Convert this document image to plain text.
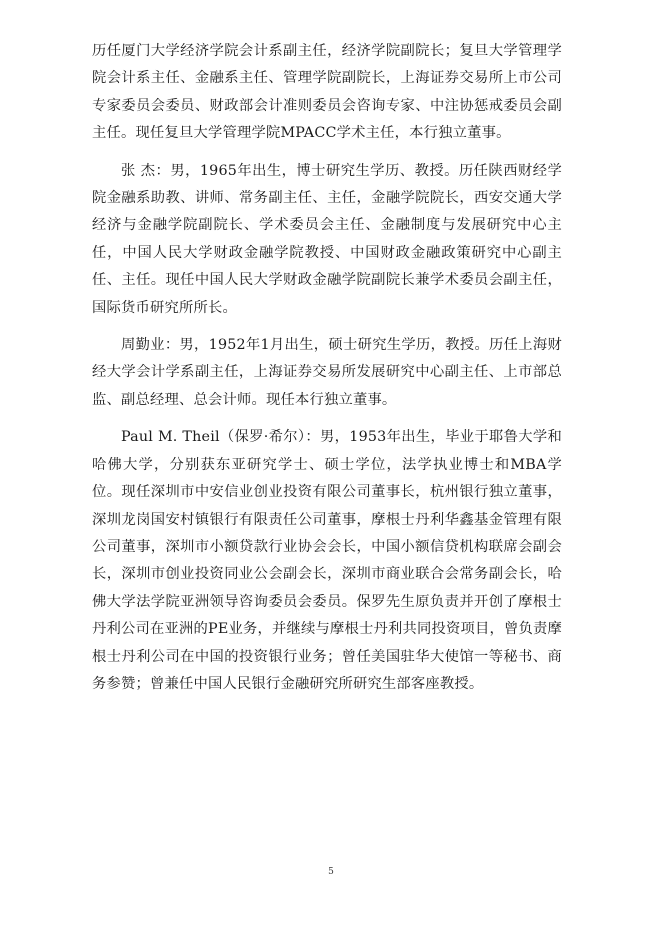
历任厦门大学经济学院会计系副主任，经济学院副院长；复旦大学管理学院会计系主任、金融系主任、管理学院副院长，上海证券交易所上市公司专家委员会委员、财政部会计准则委员会咨询专家、中注协惩戒委员会副主任。现任复旦大学管理学院MPACC学术主任，本行独立董事。

张 杰：男，1965年出生，博士研究生学历、教授。历任陕西财经学院金融系助教、讲师、常务副主任、主任，金融学院院长，西安交通大学经济与金融学院副院长、学术委员会主任、金融制度与发展研究中心主任，中国人民大学财政金融学院教授、中国财政金融政策研究中心副主任、主任。现任中国人民大学财政金融学院副院长兼学术委员会副主任，国际货币研究所所长。

周勤业：男，1952年1月出生，硕士研究生学历，教授。历任上海财经大学会计学系副主任，上海证券交易所发展研究中心副主任、上市部总监、副总经理、总会计师。现任本行独立董事。

Paul M. Theil（保罗·希尔）：男，1953年出生，毕业于耶鲁大学和哈佛大学，分别获东亚研究学士、硕士学位，法学执业博士和MBA学位。现任深圳市中安信业创业投资有限公司董事长，杭州银行独立董事，深圳龙岗国安村镇银行有限责任公司董事，摩根士丹利华鑫基金管理有限公司董事，深圳市小额贷款行业协会会长，中国小额信贷机构联席会副会长，深圳市创业投资同业公会副会长，深圳市商业联合会常务副会长，哈佛大学法学院亚洲领导咨询委员会委员。保罗先生原负责并开创了摩根士丹利公司在亚洲的PE业务，并继续与摩根士丹利共同投资项目，曾负责摩根士丹利公司在中国的投资银行业务；曾任美国驻华大使馆一等秘书、商务参赞；曾兼任中国人民银行金融研究所研究生部客座教授。

5
